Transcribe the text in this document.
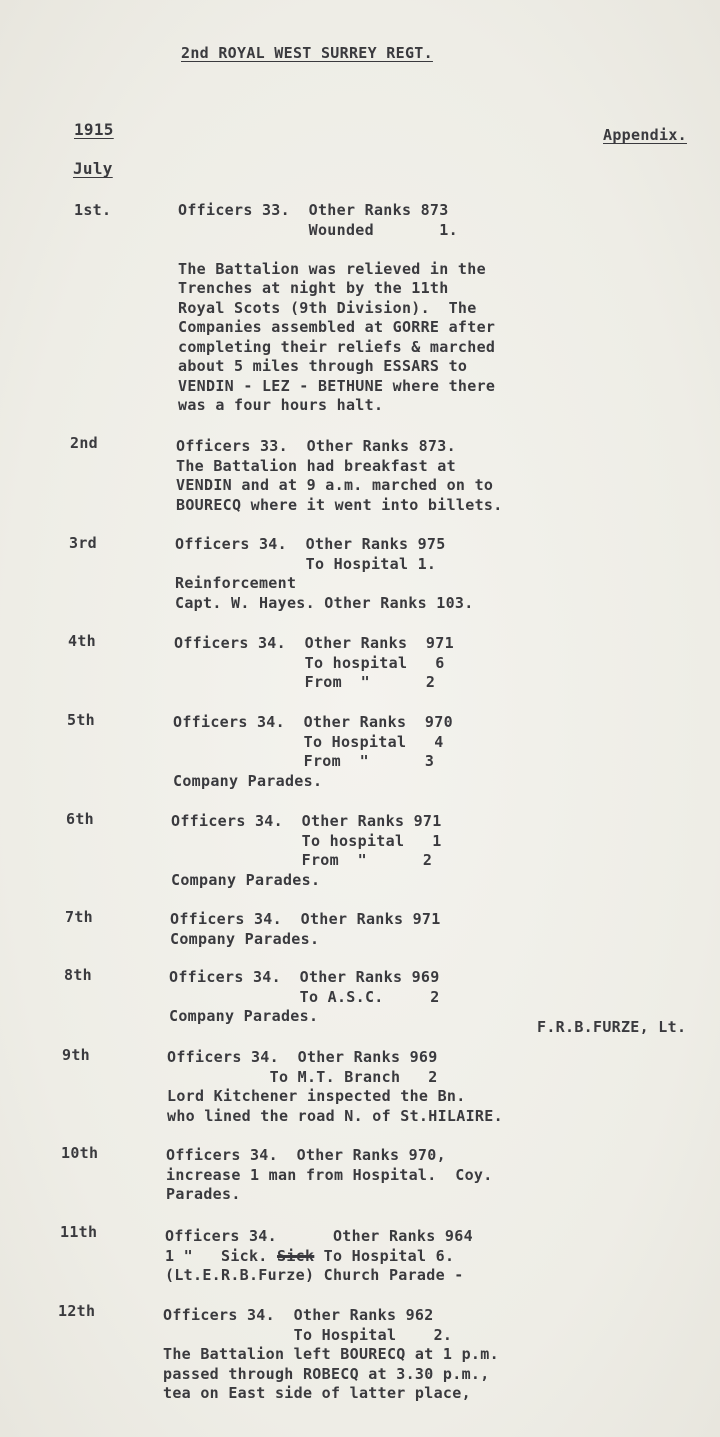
2nd ROYAL WEST SURREY REGT.
1915	Appendix.
July
1st.	Officers 33.  Other Ranks 873
Wounded       1.

The Battalion was relieved in the
Trenches at night by the 11th
Royal Scots (9th Division).  The
Companies assembled at GORRE after
completing their reliefs & marched
about 5 miles through ESSARS to
VENDIN - LEZ - BETHUNE where there
was a four hours halt.
2nd	Officers 33.  Other Ranks 873.
The Battalion had breakfast at
VENDIN and at 9 a.m. marched on to
BOURECQ where it went into billets.
3rd	Officers 34.  Other Ranks 975
To Hospital 1.
Reinforcement
Capt. W. Hayes. Other Ranks 103.
4th	Officers 34.  Other Ranks  971
To hospital   6
From  "      2
5th	Officers 34.  Other Ranks  970
To Hospital   4
From  "      3
Company Parades.
6th	Officers 34.  Other Ranks 971
To hospital   1
From  "      2
Company Parades.
7th	Officers 34.  Other Ranks 971
Company Parades.
8th	Officers 34.  Other Ranks 969
To A.S.C.     2
Company Parades.
F.R.B.FURZE, Lt.
9th	Officers 34.  Other Ranks 969
To M.T. Branch   2
Lord Kitchener inspected the Bn.
who lined the road N. of St.HILAIRE.
10th	Officers 34.  Other Ranks 970,
increase 1 man from Hospital.  Coy.
Parades.
11th	Officers 34.      Other Ranks 964
1 "   Sick. Sick To Hospital 6.
(Lt.E.R.B.Furze) Church Parade -
12th	Officers 34.  Other Ranks 962
To Hospital    2.
The Battalion left BOURECQ at 1 p.m.
passed through ROBECQ at 3.30 p.m.,
tea on East side of latter place,
